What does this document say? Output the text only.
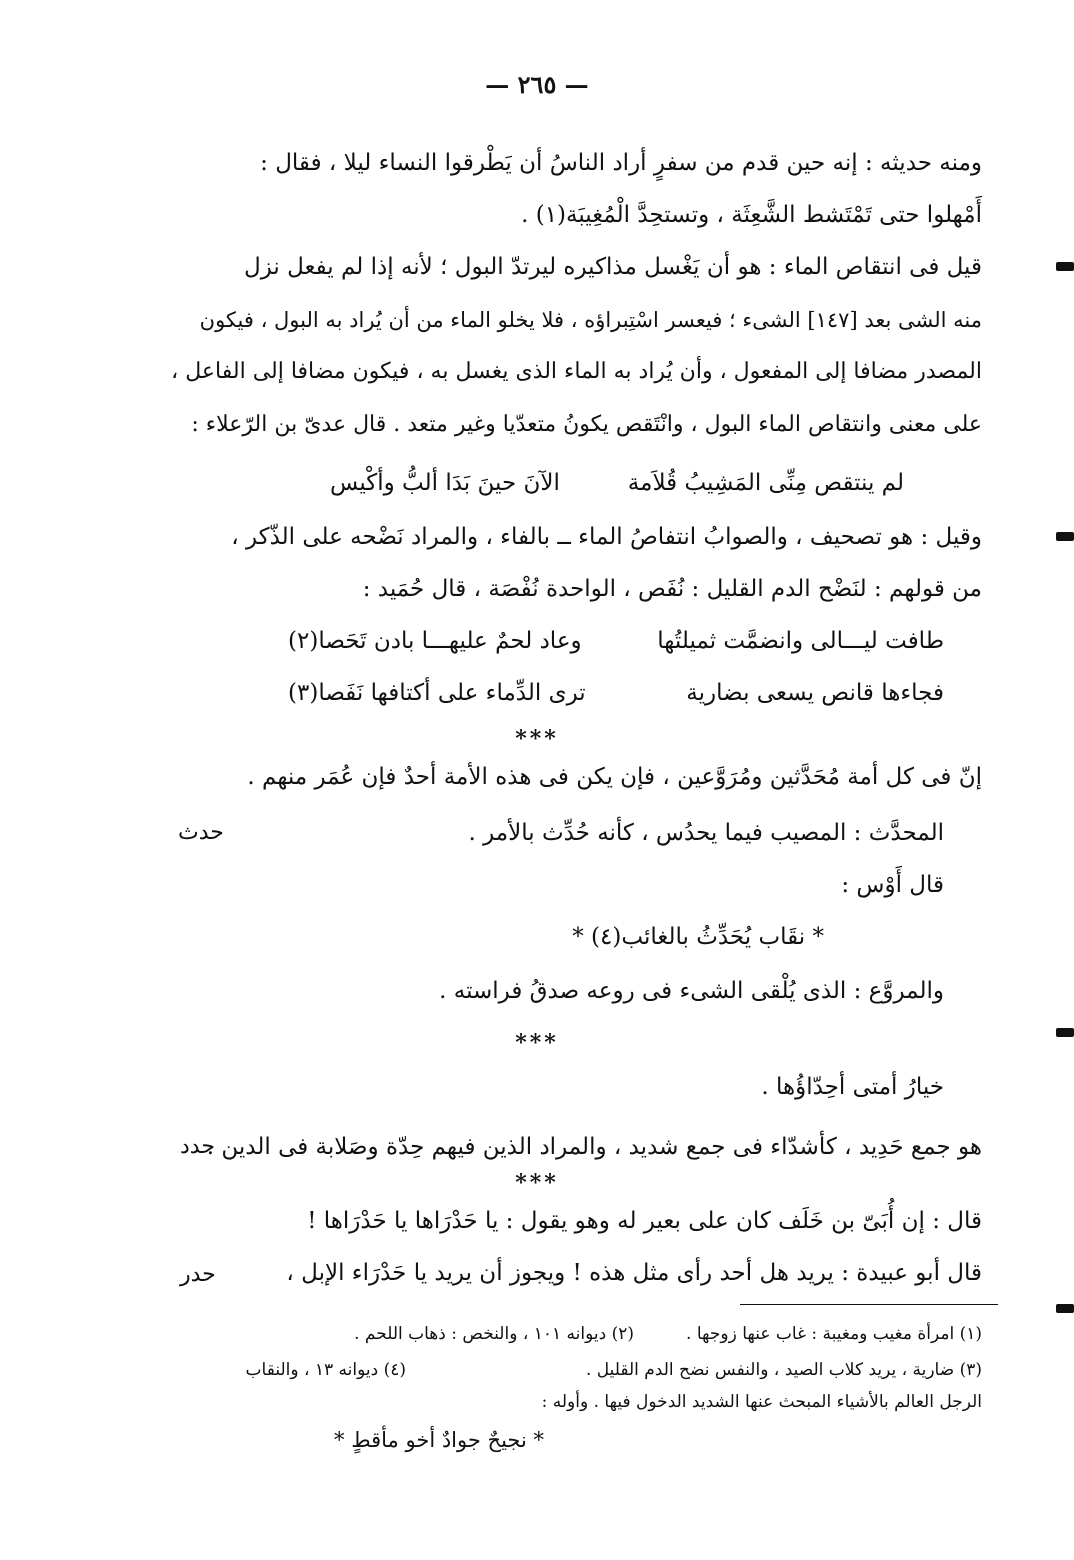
— ٢٦٥ —
ومنه حديثه : إنه حين قدم من سفرٍ أراد الناسُ أن يَطْرقوا النساء ليلا ، فقال :
أَمْهلوا حتى تَمْتَشط الشَّعِثَة ، وتستحِدَّ الْمُغِيبَة(١) .
قيل فى انتقاص الماء : هو أن يَغْسل مذاكيره ليرتدّ البول ؛ لأنه إذا لم يفعل نزل
منه الشى بعد [١٤٧] الشىء ؛ فيعسر اسْتِبراؤه ، فلا يخلو الماء من أن يُراد به البول ، فيكون
المصدر مضافا إلى المفعول ، وأن يُراد به الماء الذى يغسل به ، فيكون مضافا إلى الفاعل ،
على معنى وانتقاص الماء البول ، وانْتَقص يكونُ متعدّيا وغير متعد . قال عدىّ بن الرّعلاء :
لم ينتقص مِنِّى المَشِيبُ قُلاَمة
الآنَ حينَ بَدَا ألبُّ وأكْيس
وقيل : هو تصحيف ، والصوابُ انتفاصُ الماء ــ بالفاء ، والمراد نَضْحه على الذّكر ،
من قولهم : لنَضْح الدم القليل : نُفَص ، الواحدة نُفْصَة ، قال حُمَيد :
طافت ليـــالى وانضمَّت ثميلتُها
وعاد لحمٌ عليهـــا بادن تَحَصا(٢)
فجاءها قانص يسعى بضارية
ترى الدِّماء على أكتافها نَفَصا(٣)
***
إنّ فى كل أمة مُحَدَّثين ومُرَوَّعين ، فإن يكن فى هذه الأمة أحدٌ فإن عُمَر منهم .
المحدَّث : المصيب فيما يحدُس ، كأنه حُدِّث بالأمر .
حدث
قال أَوْس :
* نقَاب يُحَدِّثُ بالغائب(٤) *
والمروَّع : الذى يُلْقى الشىء فى روعه صدقُ فراسته .
***
خيارُ أمتى أحِدّاؤُها .
هو جمع حَدِيد ، كأشدّاء فى جمع شديد ، والمراد الذين فيهم حِدّة وصَلابة فى الدين .
حدد
***
قال : إن أُبَىّ بن خَلَف كان على بعير له وهو يقول : يا حَدْرَاها يا حَدْرَاها !
قال أبو عبيدة : يريد هل أحد رأى مثل هذه ! ويجوز أن يريد يا حَدْرَاء الإبل ،
حدر
(١) امرأة مغيب ومغيبة : غاب عنها زوجها .
(٢) ديوانه ١٠١ ، والنخص : ذهاب اللحم .
(٣) ضارية ، يريد كلاب الصيد ، والنفس نضح الدم القليل .
(٤) ديوانه ١٣ ، والنقاب
الرجل العالم بالأشياء المبحث عنها الشديد الدخول فيها . وأوله :
* نجيحٌ جوادٌ أخو مأقطٍ *
